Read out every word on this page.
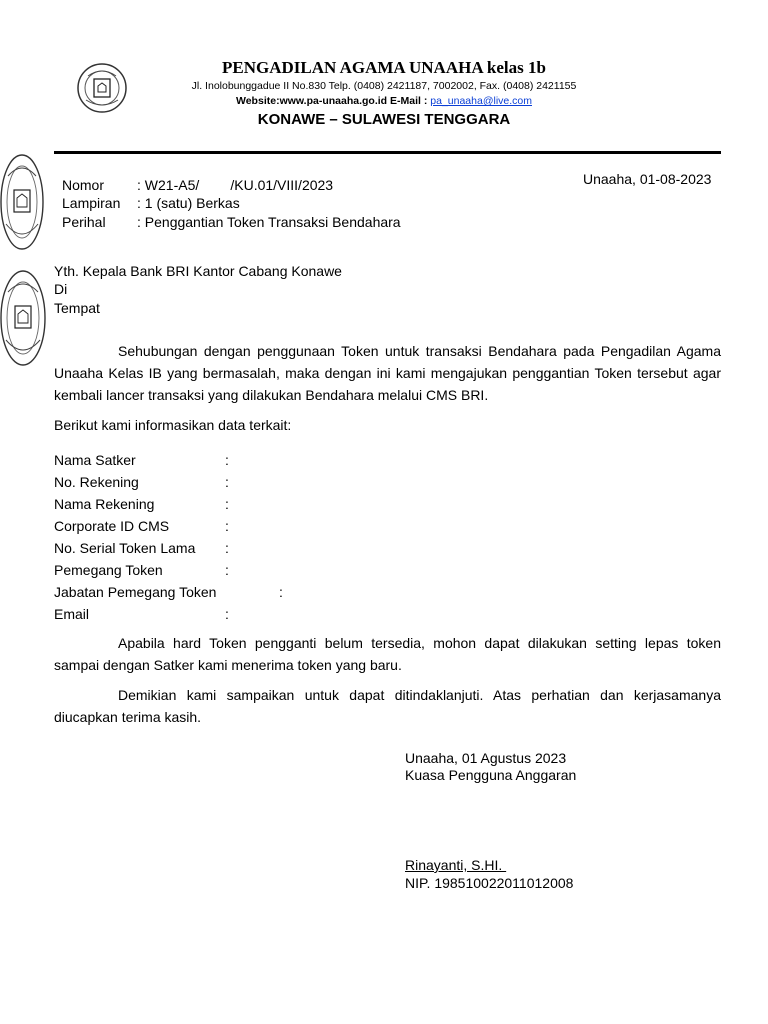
PENGADILAN AGAMA UNAAHA kelas 1b
Jl. Inolobunggadue II No.830 Telp. (0408) 2421187, 7002002, Fax. (0408) 2421155
Website:www.pa-unaaha.go.id E-Mail : pa_unaaha@live.com
KONAWE – SULAWESI TENGGARA
Unaaha, 01-08-2023
Nomor : W21-A5/        /KU.01/VIII/2023
Lampiran : 1 (satu) Berkas
Perihal : Penggantian Token Transaksi Bendahara
Yth. Kepala Bank BRI Kantor Cabang Konawe
Di
Tempat
Sehubungan dengan penggunaan Token untuk transaksi Bendahara pada Pengadilan Agama
Unaaha Kelas IB yang bermasalah, maka dengan ini kami mengajukan penggantian Token tersebut agar
kembali lancer transaksi yang dilakukan Bendahara melalui CMS BRI.
Berikut kami informasikan data terkait:
Nama Satker	:
No. Rekening	:
Nama Rekening	:
Corporate ID CMS	:
No. Serial Token Lama :
Pemegang Token	:
Jabatan Pemegang Token	:
Email	:
Apabila hard Token pengganti belum tersedia, mohon dapat dilakukan setting lepas token
sampai dengan Satker kami menerima token yang baru.
Demikian kami sampaikan untuk dapat ditindaklanjuti. Atas perhatian dan kerjasamanya
diucapkan terima kasih.
Unaaha, 01 Agustus 2023
Kuasa Pengguna Anggaran
Rinayanti, S.HI.
NIP. 198510022011012008
